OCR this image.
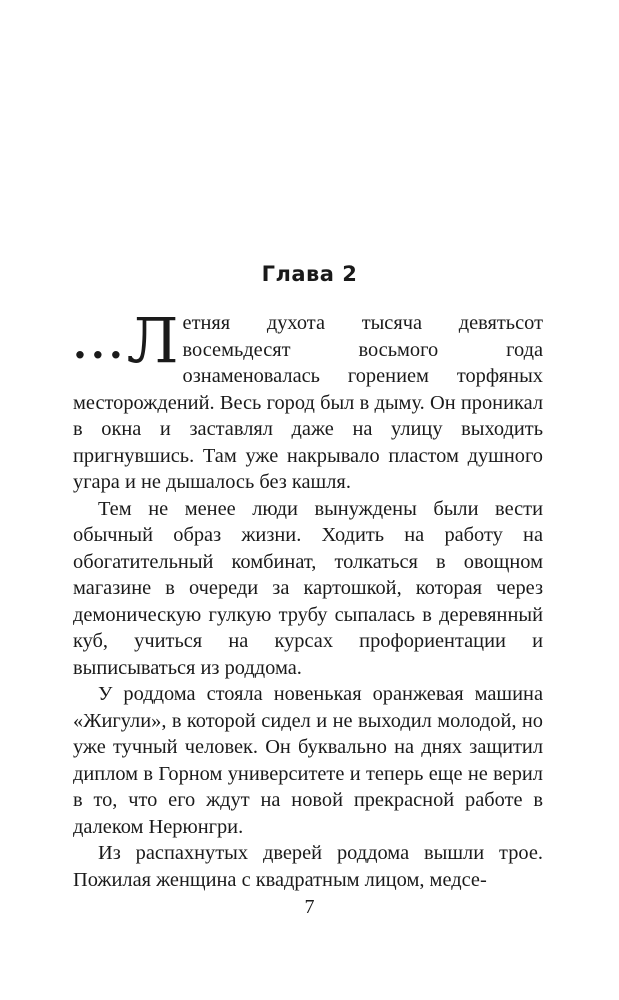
Глава 2

... Л етняя духота тысяча девятьсот восемьдесят восьмого года ознаменовалась горением торфяных месторождений. Весь город был в дыму. Он проникал в окна и заставлял даже на улицу выходить пригнувшись. Там уже накрывало пластом душного угара и не дышалось без кашля.

Тем не менее люди вынуждены были вести обычный образ жизни. Ходить на работу на обогатительный комбинат, толкаться в овощном магазине в очереди за картошкой, которая через демоническую гулкую трубу сыпалась в деревянный куб, учиться на курсах профориентации и выписываться из роддома.

У роддома стояла новенькая оранжевая машина «Жигули», в которой сидел и не выходил молодой, но уже тучный человек. Он буквально на днях защитил диплом в Горном университете и теперь еще не верил в то, что его ждут на новой прекрасной работе в далеком Нерюнгри.

Из распахнутых дверей роддома вышли трое. Пожилая женщина с квадратным лицом, медсе-

7
